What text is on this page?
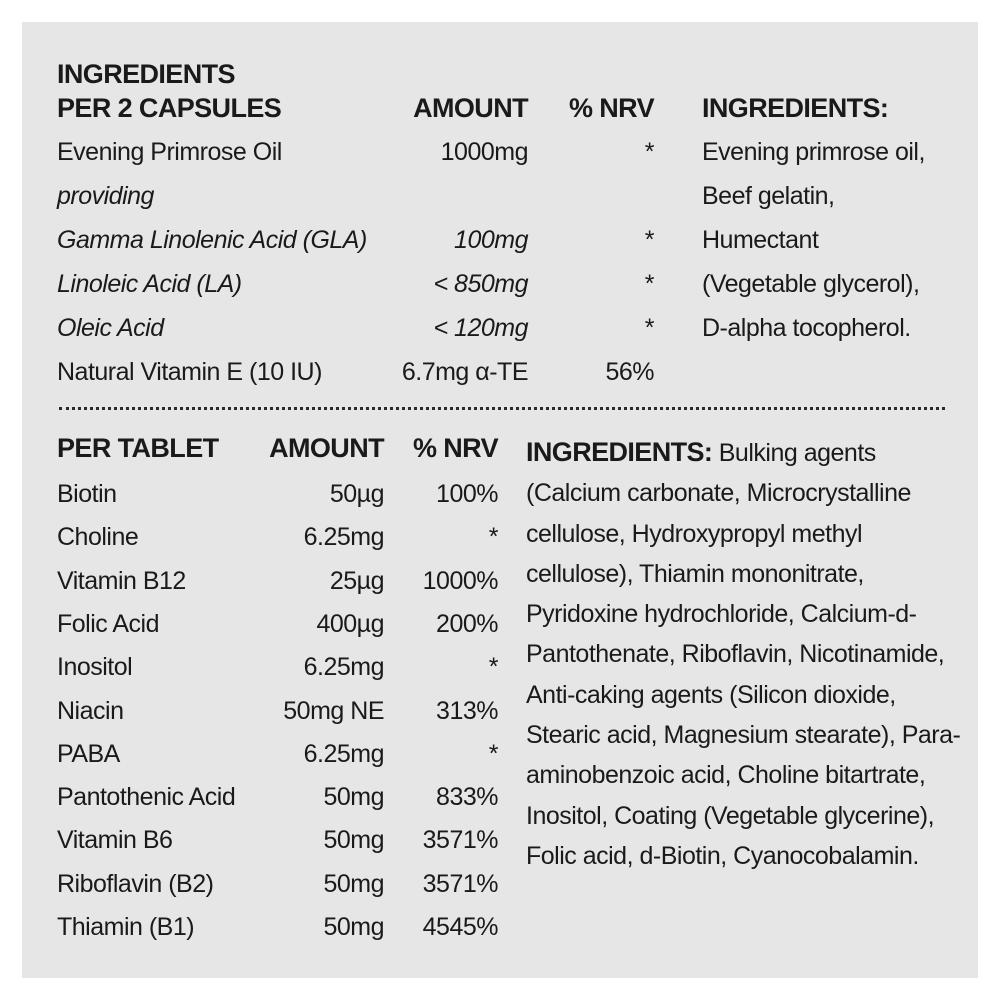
INGREDIENTS
PER 2 CAPSULES	AMOUNT	% NRV INGREDIENTS:
Evening Primrose Oil	1000mg	*
providing
Gamma Linolenic Acid (GLA)	100mg	*
Linoleic Acid (LA)	< 850mg	*
Oleic Acid	< 120mg	*
Natural Vitamin E (10 IU)	6.7mg α-TE	56%
Evening primrose oil,
Beef gelatin,
Humectant
(Vegetable glycerol),
D-alpha tocopherol.
PER TABLET	AMOUNT	% NRV
Biotin	50µg	100%
Choline	6.25mg	*
Vitamin B12	25µg	1000%
Folic Acid	400µg	200%
Inositol	6.25mg	*
Niacin	50mg NE	313%
PABA	6.25mg	*
Pantothenic Acid	50mg	833%
Vitamin B6	50mg	3571%
Riboflavin (B2)	50mg	3571%
Thiamin (B1)	50mg	4545%
INGREDIENTS: Bulking agents (Calcium carbonate, Microcrystalline cellulose, Hydroxypropyl methyl cellulose), Thiamin mononitrate, Pyridoxine hydrochloride, Calcium-d-Pantothenate, Riboflavin, Nicotinamide, Anti-caking agents (Silicon dioxide, Stearic acid, Magnesium stearate), Para-aminobenzoic acid, Choline bitartrate, Inositol, Coating (Vegetable glycerine), Folic acid, d-Biotin, Cyanocobalamin.
